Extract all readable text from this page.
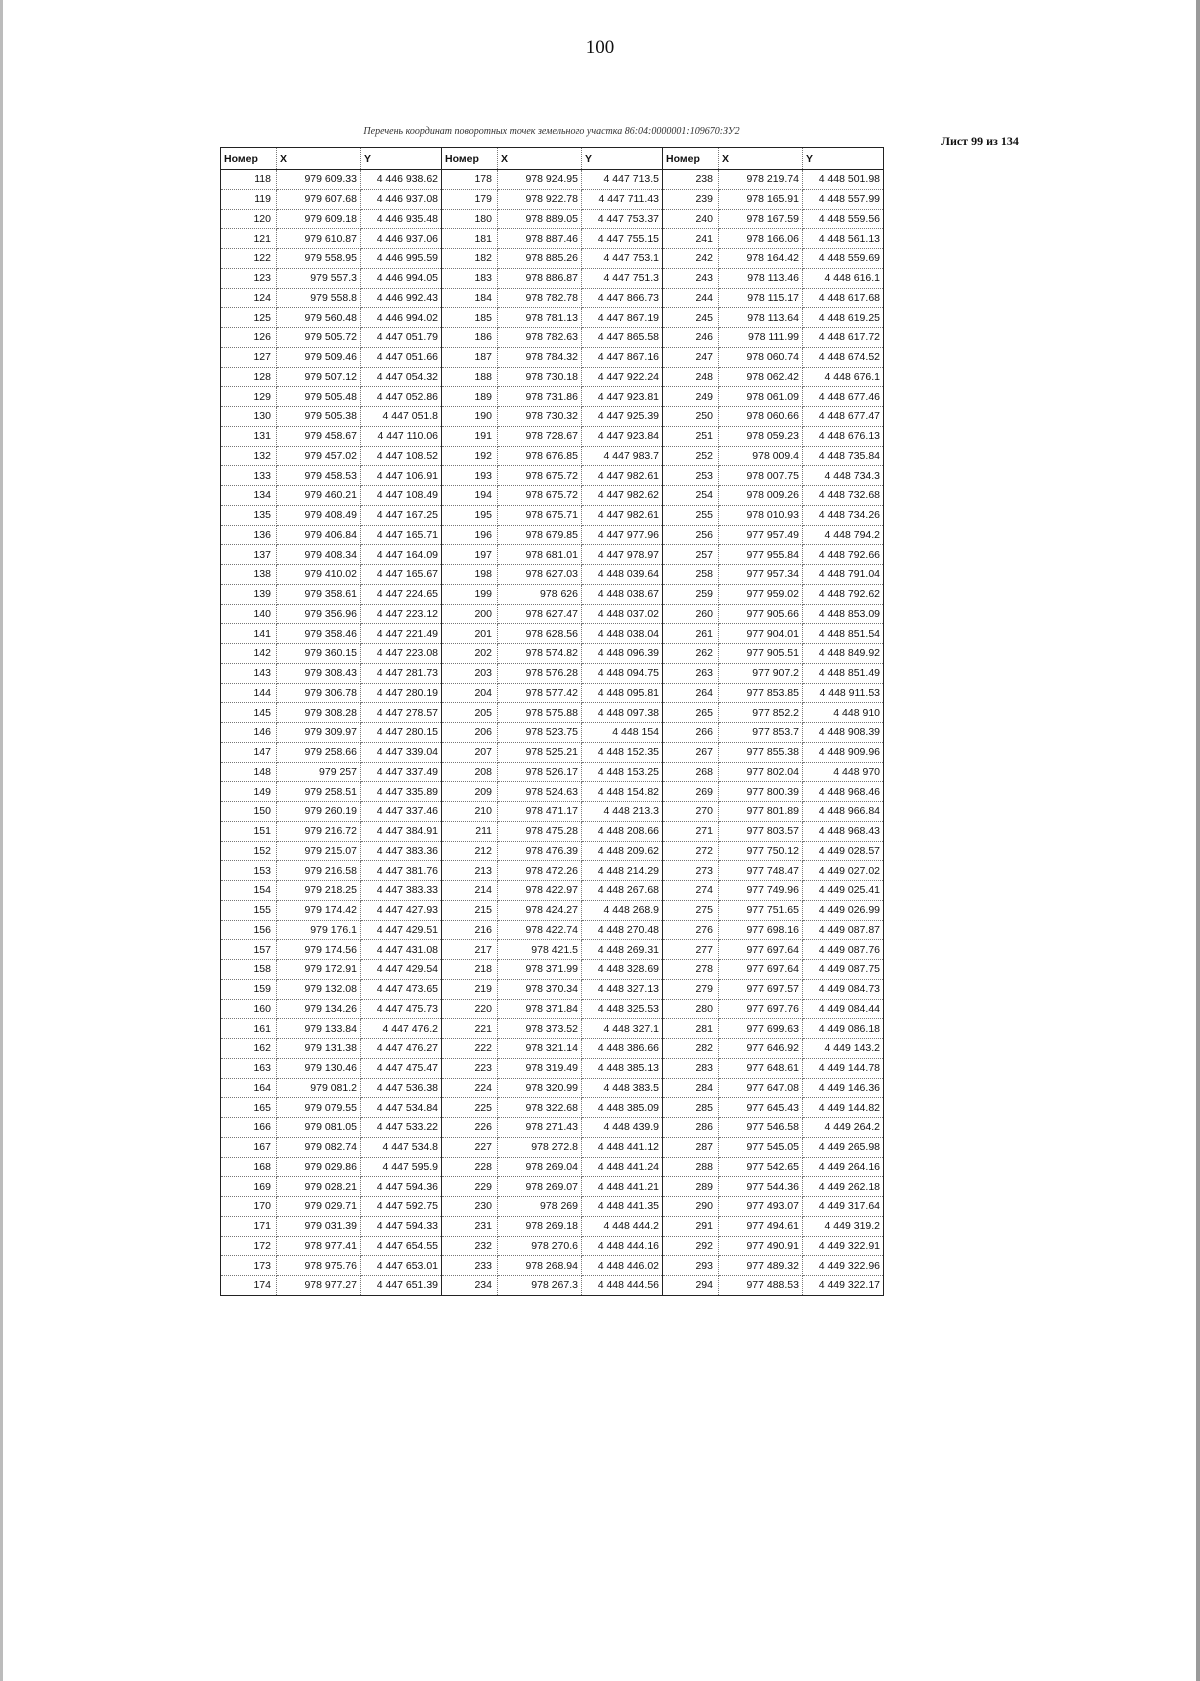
100
Перечень координат поворотных точек земельного участка 86:04:0000001:109670:ЗУ2
Лист 99 из 134
Номер	X	Y	Номер	X	Y	Номер	X	Y
118	979 609.33	4 446 938.62	178	978 924.95	4 447 713.5	238	978 219.74	4 448 501.98
119	979 607.68	4 446 937.08	179	978 922.78	4 447 711.43	239	978 165.91	4 448 557.99
120	979 609.18	4 446 935.48	180	978 889.05	4 447 753.37	240	978 167.59	4 448 559.56
121	979 610.87	4 446 937.06	181	978 887.46	4 447 755.15	241	978 166.06	4 448 561.13
122	979 558.95	4 446 995.59	182	978 885.26	4 447 753.1	242	978 164.42	4 448 559.69
123	979 557.3	4 446 994.05	183	978 886.87	4 447 751.3	243	978 113.46	4 448 616.1
124	979 558.8	4 446 992.43	184	978 782.78	4 447 866.73	244	978 115.17	4 448 617.68
125	979 560.48	4 446 994.02	185	978 781.13	4 447 867.19	245	978 113.64	4 448 619.25
126	979 505.72	4 447 051.79	186	978 782.63	4 447 865.58	246	978 111.99	4 448 617.72
127	979 509.46	4 447 051.66	187	978 784.32	4 447 867.16	247	978 060.74	4 448 674.52
128	979 507.12	4 447 054.32	188	978 730.18	4 447 922.24	248	978 062.42	4 448 676.1
129	979 505.48	4 447 052.86	189	978 731.86	4 447 923.81	249	978 061.09	4 448 677.46
130	979 505.38	4 447 051.8	190	978 730.32	4 447 925.39	250	978 060.66	4 448 677.47
131	979 458.67	4 447 110.06	191	978 728.67	4 447 923.84	251	978 059.23	4 448 676.13
132	979 457.02	4 447 108.52	192	978 676.85	4 447 983.7	252	978 009.4	4 448 735.84
133	979 458.53	4 447 106.91	193	978 675.72	4 447 982.61	253	978 007.75	4 448 734.3
134	979 460.21	4 447 108.49	194	978 675.72	4 447 982.62	254	978 009.26	4 448 732.68
135	979 408.49	4 447 167.25	195	978 675.71	4 447 982.61	255	978 010.93	4 448 734.26
136	979 406.84	4 447 165.71	196	978 679.85	4 447 977.96	256	977 957.49	4 448 794.2
137	979 408.34	4 447 164.09	197	978 681.01	4 447 978.97	257	977 955.84	4 448 792.66
138	979 410.02	4 447 165.67	198	978 627.03	4 448 039.64	258	977 957.34	4 448 791.04
139	979 358.61	4 447 224.65	199	978 626	4 448 038.67	259	977 959.02	4 448 792.62
140	979 356.96	4 447 223.12	200	978 627.47	4 448 037.02	260	977 905.66	4 448 853.09
141	979 358.46	4 447 221.49	201	978 628.56	4 448 038.04	261	977 904.01	4 448 851.54
142	979 360.15	4 447 223.08	202	978 574.82	4 448 096.39	262	977 905.51	4 448 849.92
143	979 308.43	4 447 281.73	203	978 576.28	4 448 094.75	263	977 907.2	4 448 851.49
144	979 306.78	4 447 280.19	204	978 577.42	4 448 095.81	264	977 853.85	4 448 911.53
145	979 308.28	4 447 278.57	205	978 575.88	4 448 097.38	265	977 852.2	4 448 910
146	979 309.97	4 447 280.15	206	978 523.75	4 448 154	266	977 853.7	4 448 908.39
147	979 258.66	4 447 339.04	207	978 525.21	4 448 152.35	267	977 855.38	4 448 909.96
148	979 257	4 447 337.49	208	978 526.17	4 448 153.25	268	977 802.04	4 448 970
149	979 258.51	4 447 335.89	209	978 524.63	4 448 154.82	269	977 800.39	4 448 968.46
150	979 260.19	4 447 337.46	210	978 471.17	4 448 213.3	270	977 801.89	4 448 966.84
151	979 216.72	4 447 384.91	211	978 475.28	4 448 208.66	271	977 803.57	4 448 968.43
152	979 215.07	4 447 383.36	212	978 476.39	4 448 209.62	272	977 750.12	4 449 028.57
153	979 216.58	4 447 381.76	213	978 472.26	4 448 214.29	273	977 748.47	4 449 027.02
154	979 218.25	4 447 383.33	214	978 422.97	4 448 267.68	274	977 749.96	4 449 025.41
155	979 174.42	4 447 427.93	215	978 424.27	4 448 268.9	275	977 751.65	4 449 026.99
156	979 176.1	4 447 429.51	216	978 422.74	4 448 270.48	276	977 698.16	4 449 087.87
157	979 174.56	4 447 431.08	217	978 421.5	4 448 269.31	277	977 697.64	4 449 087.76
158	979 172.91	4 447 429.54	218	978 371.99	4 448 328.69	278	977 697.64	4 449 087.75
159	979 132.08	4 447 473.65	219	978 370.34	4 448 327.13	279	977 697.57	4 449 084.73
160	979 134.26	4 447 475.73	220	978 371.84	4 448 325.53	280	977 697.76	4 449 084.44
161	979 133.84	4 447 476.2	221	978 373.52	4 448 327.1	281	977 699.63	4 449 086.18
162	979 131.38	4 447 476.27	222	978 321.14	4 448 386.66	282	977 646.92	4 449 143.2
163	979 130.46	4 447 475.47	223	978 319.49	4 448 385.13	283	977 648.61	4 449 144.78
164	979 081.2	4 447 536.38	224	978 320.99	4 448 383.5	284	977 647.08	4 449 146.36
165	979 079.55	4 447 534.84	225	978 322.68	4 448 385.09	285	977 645.43	4 449 144.82
166	979 081.05	4 447 533.22	226	978 271.43	4 448 439.9	286	977 546.58	4 449 264.2
167	979 082.74	4 447 534.8	227	978 272.8	4 448 441.12	287	977 545.05	4 449 265.98
168	979 029.86	4 447 595.9	228	978 269.04	4 448 441.24	288	977 542.65	4 449 264.16
169	979 028.21	4 447 594.36	229	978 269.07	4 448 441.21	289	977 544.36	4 449 262.18
170	979 029.71	4 447 592.75	230	978 269	4 448 441.35	290	977 493.07	4 449 317.64
171	979 031.39	4 447 594.33	231	978 269.18	4 448 444.2	291	977 494.61	4 449 319.2
172	978 977.41	4 447 654.55	232	978 270.6	4 448 444.16	292	977 490.91	4 449 322.91
173	978 975.76	4 447 653.01	233	978 268.94	4 448 446.02	293	977 489.32	4 449 322.96
174	978 977.27	4 447 651.39	234	978 267.3	4 448 444.56	294	977 488.53	4 449 322.17
